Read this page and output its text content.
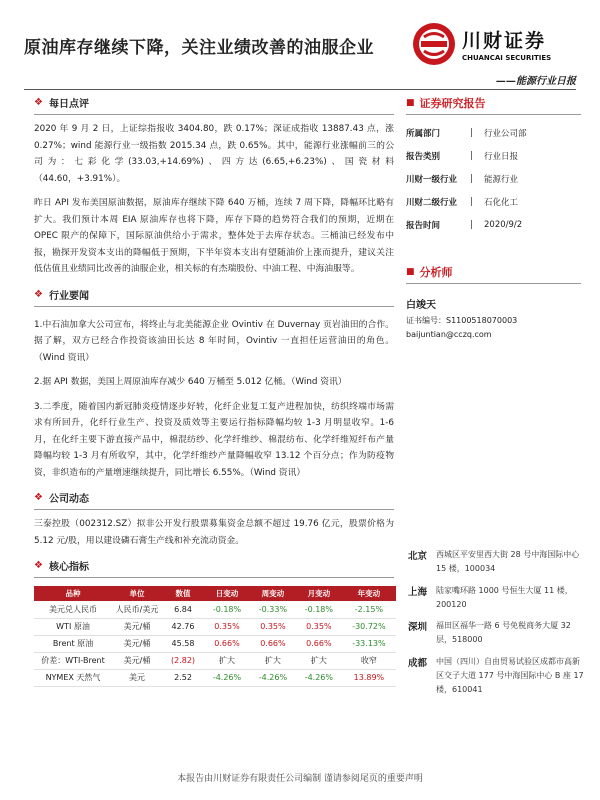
原油库存继续下降，关注业绩改善的油服企业	川财证券
CHUANCAI SECURITIES
——能源行业日报
❖ 每日点评

2020 年 9 月 2 日，上证综指报收 3404.80，跌 0.17%；深证成指收 13887.43 点，涨 0.27%；wind 能源行业一级指数 2015.34 点，跌 0.65%。其中，能源行业涨幅前三的公司为：七彩化学(33.03,+14.69%)、四方达(6.65,+6.23%)、国瓷材料（44.60，+3.91%）。

昨日 API 发布美国原油数据，原油库存继续下降 640 万桶，连续 7 周下降，降幅环比略有扩大。我们预计本周 EIA 原油库存也将下降，库存下降的趋势符合我们的预期，近期在 OPEC 限产的保障下，国际原油供给小于需求，整体处于去库存状态。三桶油已经发布中报，勘探开发资本支出的降幅低于预期，下半年资本支出有望随油价上涨而提升，建议关注低估值且业绩同比改善的油服企业，相关标的有杰瑞股份、中油工程、中海油服等。

❖ 行业要闻

1.中石油加拿大公司宣布，将终止与北美能源企业 Ovintiv 在 Duvernay 页岩油田的合作。据了解，双方已经合作投资该油田长达 8 年时间，Ovintiv 一直担任运营油田的角色。（Wind 资讯）

2.据 API 数据，美国上周原油库存减少 640 万桶至 5.012 亿桶。（Wind 资讯）

3.二季度，随着国内新冠肺炎疫情逐步好转，化纤企业复工复产进程加快，纺织终端市场需求有所回升，化纤行业生产、投资及质效等主要运行指标降幅均较 1-3 月明显收窄。1-6 月，在化纤主要下游直接产品中，棉混纺纱、化学纤维纱、棉混纺布、化学纤维短纤布产量降幅均较 1-3 月有所收窄，其中，化学纤维纱产量降幅收窄 13.12 个百分点；作为防疫物资，非织造布的产量增速继续提升，同比增长 6.55%。（Wind 资讯）

❖ 公司动态

三泰控股（002312.SZ）拟非公开发行股票募集资金总额不超过 19.76 亿元，股票价格为 5.12 元/股，用以建设磷石膏生产线和补充流动资金。

❖ 核心指标
品种	单位	数值	日变动	周变动	月变动	年变动
美元兑人民币	人民币/美元	6.84	-0.18%	-0.33%	-0.18%	-2.15%
WTI 原油	美元/桶	42.76	0.35%	0.35%	0.35%	-30.72%
Brent 原油	美元/桶	45.58	0.66%	0.66%	0.66%	-33.13%
价差：WTI-Brent	美元/桶	(2.82)	扩大	扩大	扩大	收窄
NYMEX 天然气	美元	2.52	-4.26%	-4.26%	-4.26%	13.89%
■ 证券研究报告
所属部门	|	行业公司部
报告类别	|	行业日报
川财一级行业	|	能源行业
川财二级行业	|	石化化工
报告时间	|	2020/9/2
■ 分析师
白竣天
证书编号：S1100518070003
baijuntian@cczq.com
北京	西城区平安里西大街 28 号中海国际中心 15 楼，100034
上海	陆家嘴环路 1000 号恒生大厦 11 楼，200120
深圳	福田区福华一路 6 号免税商务大厦 32 层，518000
成都	中国（四川）自由贸易试验区成都市高新区交子大道 177 号中海国际中心 B 座 17 楼，610041
本报告由川财证券有限责任公司编制 谨请参阅尾页的重要声明
